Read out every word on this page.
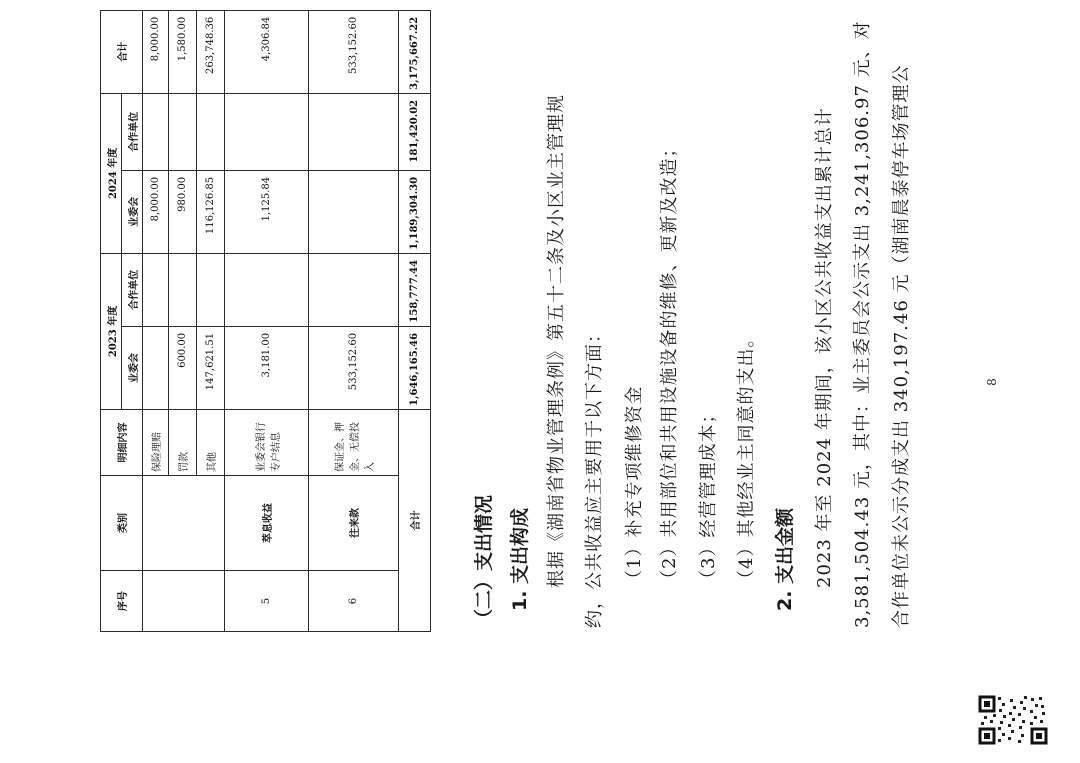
序号	类别	明细内容	2023 年度		2024 年度		合计
			业委会	合作单位	业委会	合作单位	
		保险理赔			8,000.00		8,000.00
		罚款	600.00		980.00		1,580.00
		其他	147,621.51		116,126.85		263,748.36
5	萃息收益	业委会银行专户结息	3,181.00		1,125.84		4,306.84
6	往来款	保证金、押金、无偿投入	533,152.60				533,152.60
合计			1,646,165.46	158,777.44	1,189,304.30	181,420.02	3,175,667.22
（二）支出情况 1. 支出构成 根据《湖南省物业管理条例》第五十二条及小区业主管理规 约，公共收益应主要用于以下方面： （1）补充专项维修资金 （2）共用部位和共用设施设备的维修、更新及改造； （3）经营管理成本； （4）其他经业主同意的支出。 2. 支出金额 2023 年至 2024 年期间，该小区公共收益支出累计总计 3,581,504.43 元，其中：业主委员会公示支出 3,241,306.97 元、对 合作单位未公示分成支出 340,197.46 元（湖南晨泰停车场管理公	8
